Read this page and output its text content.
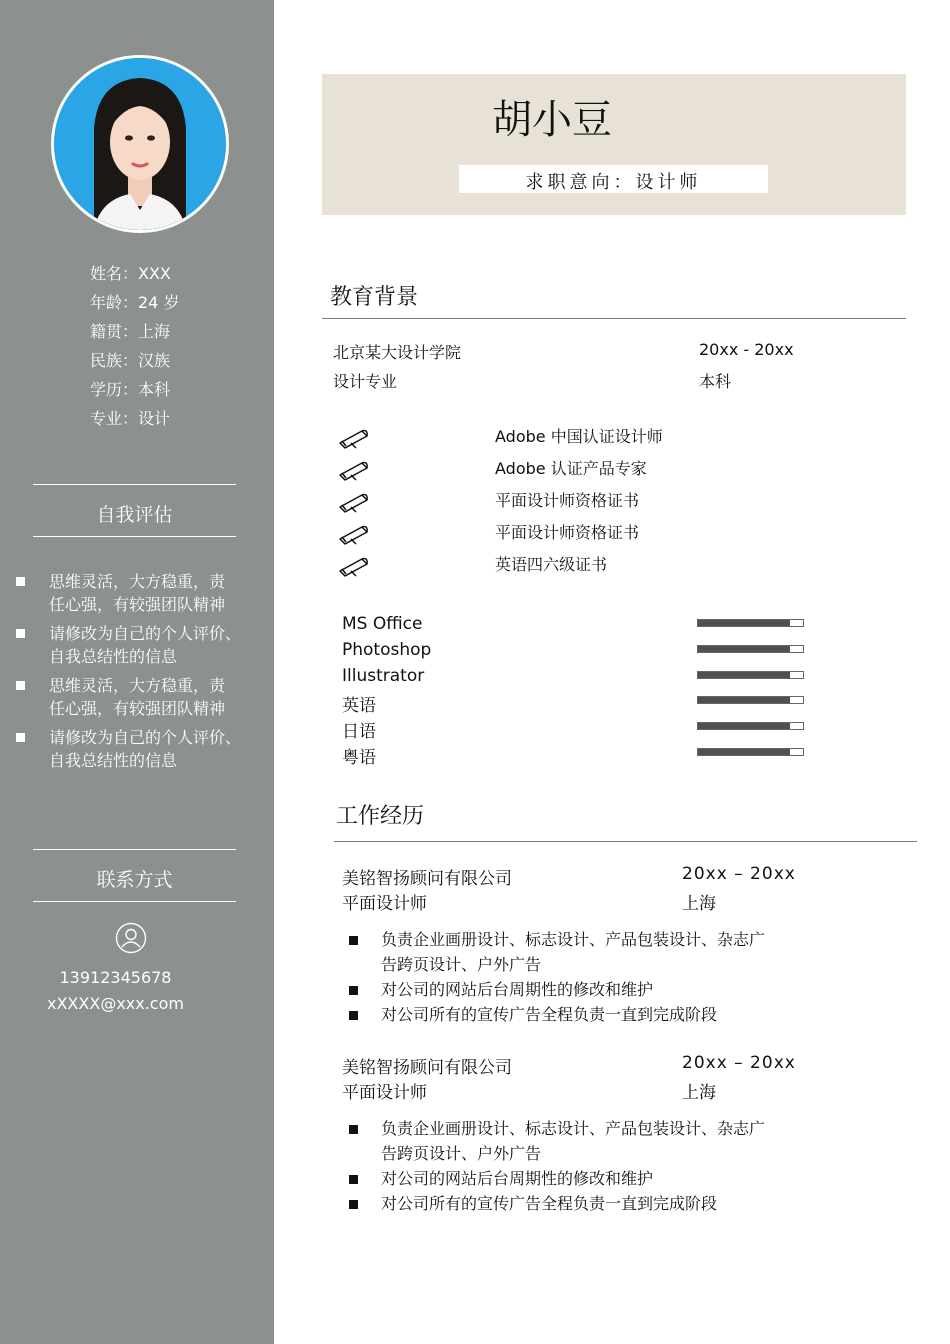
姓名：XXX
年龄：24 岁
籍贯：上海
民族：汉族
学历：本科
专业：设计
自我评估
思维灵活，大方稳重，责
任心强，有较强团队精神
请修改为自己的个人评价、
自我总结性的信息
思维灵活，大方稳重，责
任心强，有较强团队精神
请修改为自己的个人评价、
自我总结性的信息
联系方式
13912345678
xXXXX@xxx.com
胡小豆
求职意向：设计师
教育背景
北京某大设计学院	20xx - 20xx
设计专业	本科
工作经历
Adobe 中国认证设计师
Adobe 认证产品专家
平面设计师资格证书
平面设计师资格证书
英语四六级证书
MS Office
Photoshop
Illustrator
英语
日语
粤语
美铭智扬顾问有限公司	20xx – 20xx
平面设计师	上海
负责企业画册设计、标志设计、产品包装设计、杂志广
告跨页设计、户外广告
对公司的网站后台周期性的修改和维护
对公司所有的宣传广告全程负责一直到完成阶段
美铭智扬顾问有限公司	20xx – 20xx
平面设计师	上海
负责企业画册设计、标志设计、产品包装设计、杂志广
告跨页设计、户外广告
对公司的网站后台周期性的修改和维护
对公司所有的宣传广告全程负责一直到完成阶段
